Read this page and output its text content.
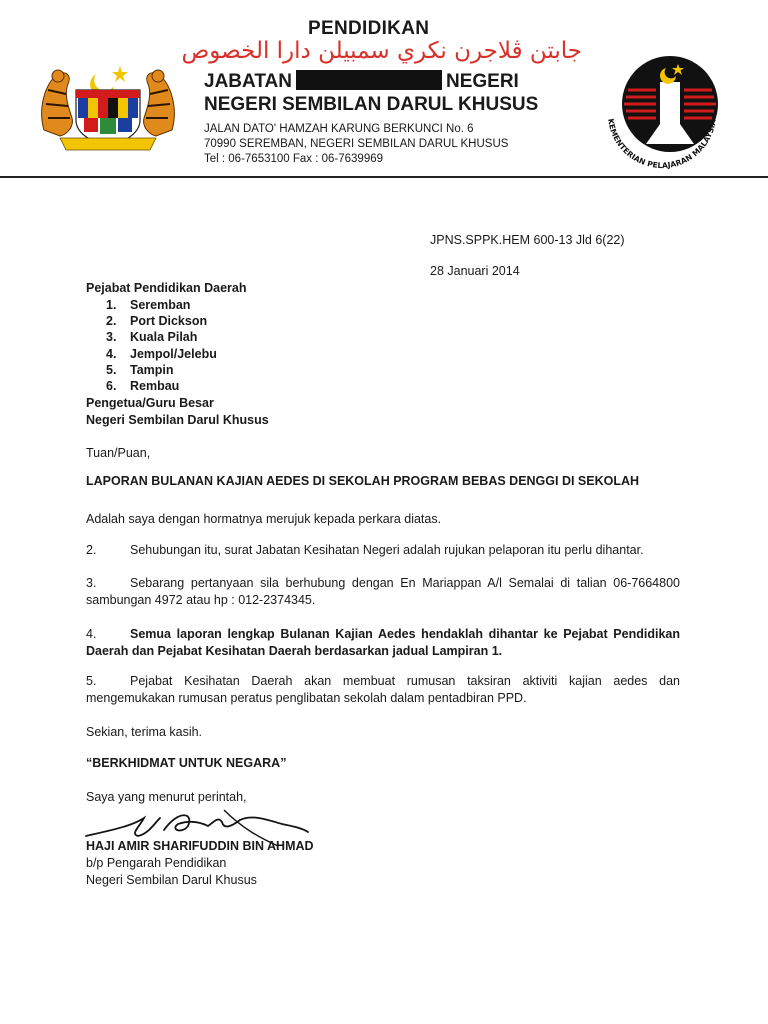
PENDIDIKAN
جابتن ڤلاجرن نكري سمبيلن دارا الخصوص
JABATAN	NEGERI
NEGERI SEMBILAN DARUL KHUSUS
JALAN DATO' HAMZAH KARUNG BERKUNCI No. 6
70990 SEREMBAN, NEGERI SEMBILAN DARUL KHUSUS
Tel : 06-7653100 Fax : 06-7639969
KEMENTERIAN PELAJARAN MALAYSIA
JPNS.SPPK.HEM 600-13 Jld 6(22)
28 Januari 2014
Pejabat Pendidikan Daerah
1.	Seremban
2.	Port Dickson
3.	Kuala Pilah
4.	Jempol/Jelebu
5.	Tampin
6.	Rembau
Pengetua/Guru Besar
Negeri Sembilan Darul Khusus
Tuan/Puan,
LAPORAN BULANAN KAJIAN AEDES DI SEKOLAH PROGRAM BEBAS DENGGI DI SEKOLAH
Adalah saya dengan hormatnya merujuk kepada perkara diatas.
2.	Sehubungan itu, surat Jabatan Kesihatan Negeri adalah rujukan pelaporan itu perlu dihantar.
3.	Sebarang pertanyaan sila berhubung dengan En Mariappan A/l Semalai di talian 06-7664800 sambungan 4972 atau hp : 012-2374345.
4.	Semua laporan lengkap Bulanan Kajian Aedes hendaklah dihantar ke Pejabat Pendidikan Daerah dan Pejabat Kesihatan Daerah berdasarkan jadual Lampiran 1.
5.	Pejabat Kesihatan Daerah akan membuat rumusan taksiran aktiviti kajian aedes dan mengemukakan rumusan peratus penglibatan sekolah dalam pentadbiran PPD.
Sekian, terima kasih.
“BERKHIDMAT UNTUK NEGARA”
Saya yang menurut perintah,
HAJI AMIR SHARIFUDDIN BIN AHMAD
b/p Pengarah Pendidikan
Negeri Sembilan Darul Khusus
